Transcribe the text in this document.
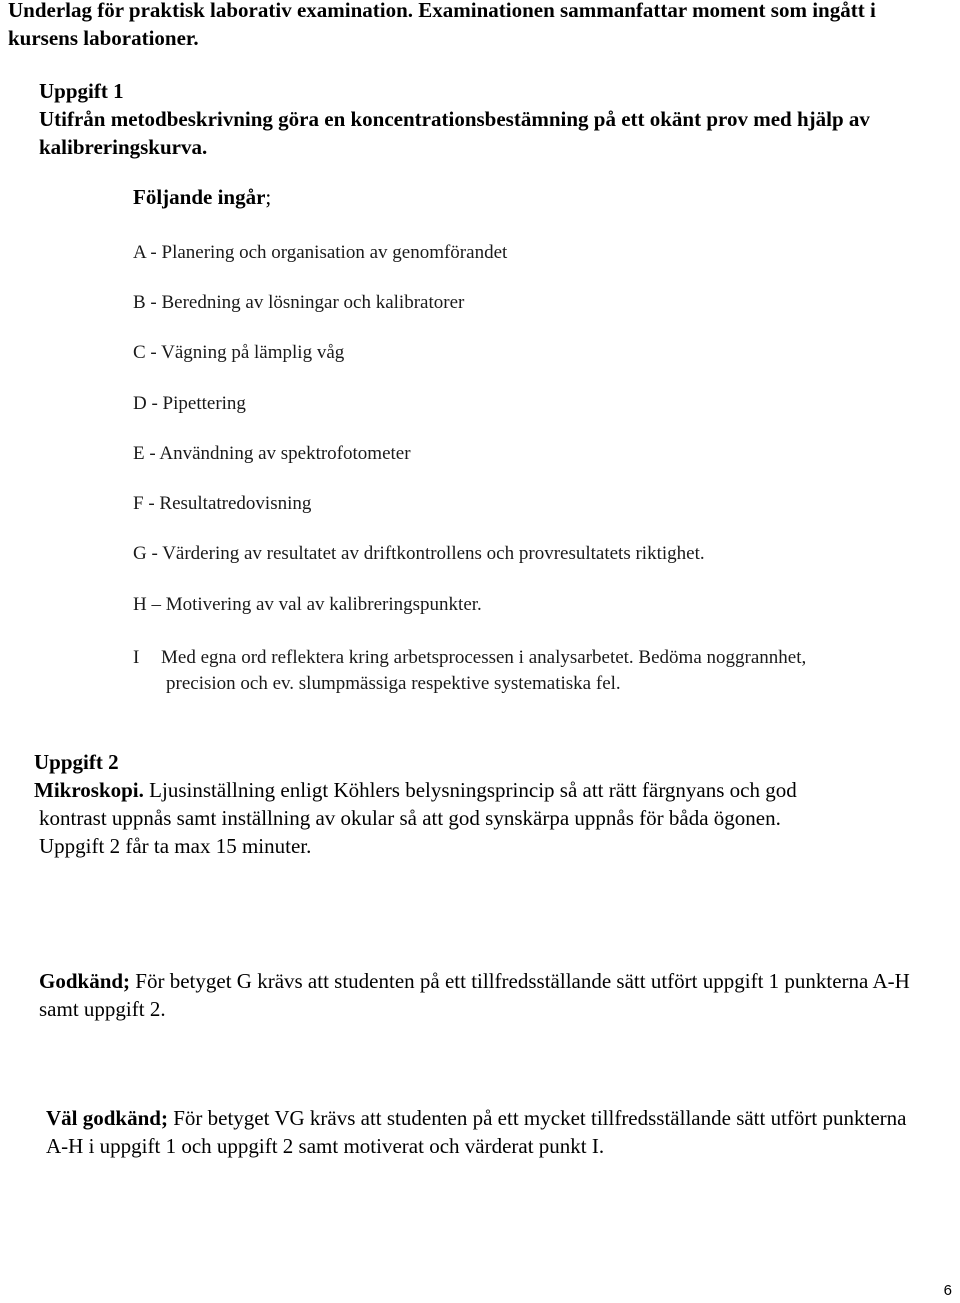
Underlag för praktisk laborativ examination. Examinationen sammanfattar moment som ingått i kursens laborationer.
Uppgift 1
Utifrån metodbeskrivning göra en koncentrationsbestämning på ett okänt prov med hjälp av kalibreringskurva.
Följande ingår;
A - Planering och organisation av genomförandet
B - Beredning av lösningar och kalibratorer
C - Vägning på lämplig våg
D - Pipettering
E - Användning av spektrofotometer
F - Resultatredovisning
G - Värdering av resultatet av driftkontrollens och provresultatets riktighet.
H – Motivering av val av kalibreringspunkter.
I Med egna ord reflektera kring arbetsprocessen i analysarbetet. Bedöma noggrannhet,
precision och ev. slumpmässiga respektive systematiska fel.
Uppgift 2
Mikroskopi. Ljusinställning enligt Köhlers belysningsprincip så att rätt färgnyans och god
kontrast uppnås samt inställning av okular så att god synskärpa uppnås för båda ögonen.
Uppgift 2 får ta max 15 minuter.
Godkänd; För betyget G krävs att studenten på ett tillfredsställande sätt utfört uppgift 1 punkterna A-H samt uppgift 2.
Väl godkänd; För betyget VG krävs att studenten på ett mycket tillfredsställande sätt utfört punkterna A-H i uppgift 1 och uppgift 2 samt motiverat och värderat punkt I.
6
